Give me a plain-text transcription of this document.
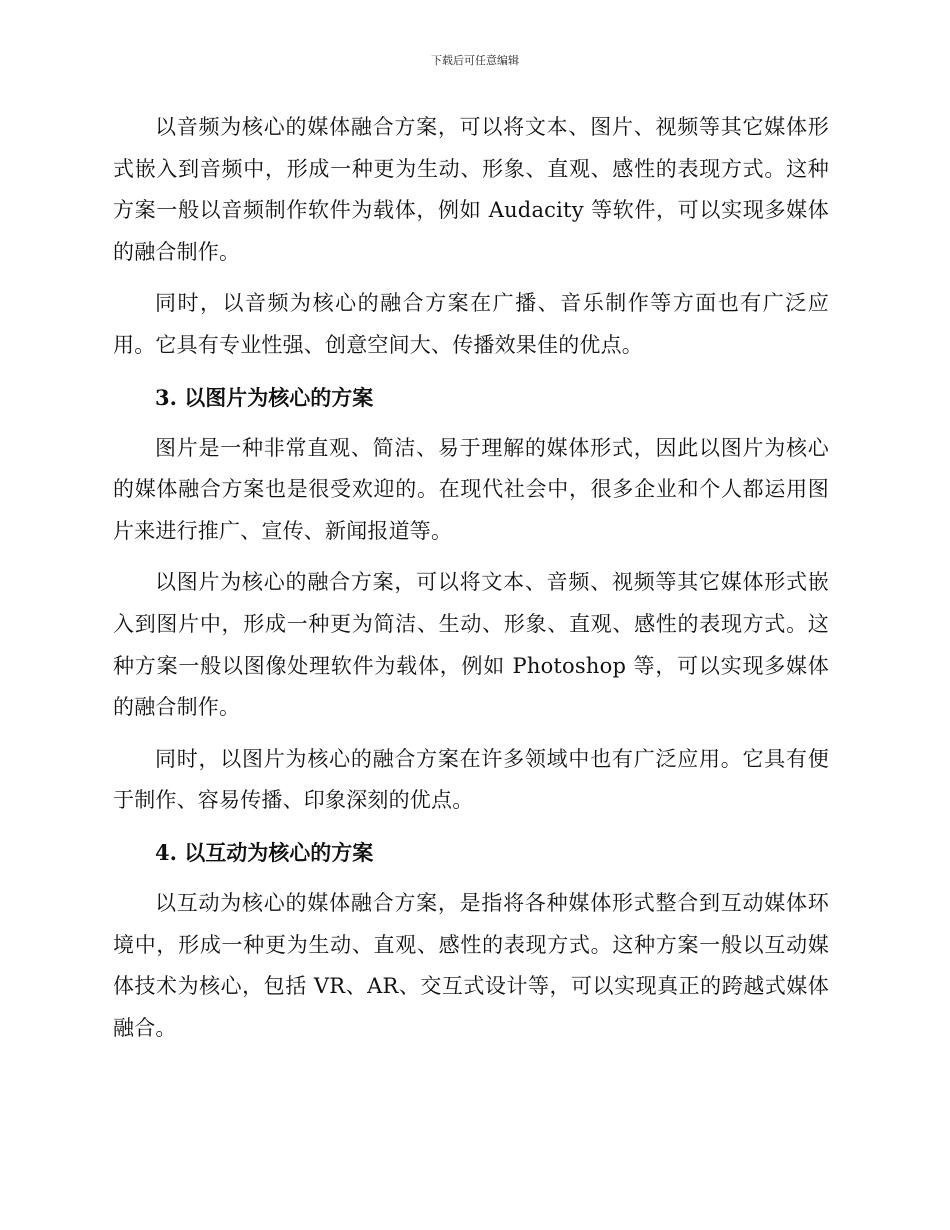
下载后可任意编辑

以音频为核心的媒体融合方案，可以将文本、图片、视频等其它媒体形式嵌入到音频中，形成一种更为生动、形象、直观、感性的表现方式。这种方案一般以音频制作软件为载体，例如 Audacity 等软件，可以实现多媒体的融合制作。

同时，以音频为核心的融合方案在广播、音乐制作等方面也有广泛应用。它具有专业性强、创意空间大、传播效果佳的优点。

3. 以图片为核心的方案

图片是一种非常直观、简洁、易于理解的媒体形式，因此以图片为核心的媒体融合方案也是很受欢迎的。在现代社会中，很多企业和个人都运用图片来进行推广、宣传、新闻报道等。

以图片为核心的融合方案，可以将文本、音频、视频等其它媒体形式嵌入到图片中，形成一种更为简洁、生动、形象、直观、感性的表现方式。这种方案一般以图像处理软件为载体，例如 Photoshop 等，可以实现多媒体的融合制作。

同时，以图片为核心的融合方案在许多领域中也有广泛应用。它具有便于制作、容易传播、印象深刻的优点。

4. 以互动为核心的方案

以互动为核心的媒体融合方案，是指将各种媒体形式整合到互动媒体环境中，形成一种更为生动、直观、感性的表现方式。这种方案一般以互动媒体技术为核心，包括 VR、AR、交互式设计等，可以实现真正的跨越式媒体融合。
